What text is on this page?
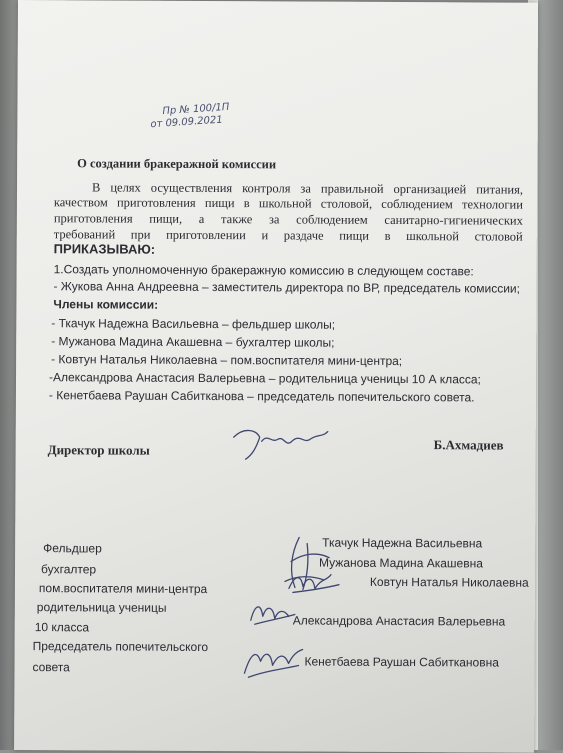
Пр № 100/1П
от 09.09.2021
О создании бракеражной комиссии
В целях осуществления контроля за правильной организацией питания,
качеством приготовления пищи в школьной столовой, соблюдением технологии
приготовления пищи, а также за соблюдением санитарно-гигиенических
требований при приготовлении и раздаче пищи в школьной столовой
ПРИКАЗЫВАЮ:
1.Создать уполномоченную бракеражную комиссию в следующем составе:
- Жукова Анна Андреевна – заместитель директора по ВР, председатель комиссии;
Члены комиссии:
- Ткачук Надежна Васильевна – фельдшер школы;
- Мужанова Мадина Акашевна – бухгалтер школы;
- Ковтун Наталья Николаевна – пом.воспитателя мини-центра;
-Александрова Анастасия Валерьевна – родительница ученицы 10 А класса;
- Кенетбаева Раушан Сабитканова – председатель попечительского совета.
Директор школы	Б.Ахмадиев
Фельдшер
бухгалтер
пом.воспитателя мини-центра
родительница ученицы
10 класса
Председатель попечительского
совета
Ткачук Надежна Васильевна
Мужанова Мадина Акашевна
Ковтун Наталья Николаевна
Александрова Анастасия Валерьевна
Кенетбаева Раушан Сабиткановна
